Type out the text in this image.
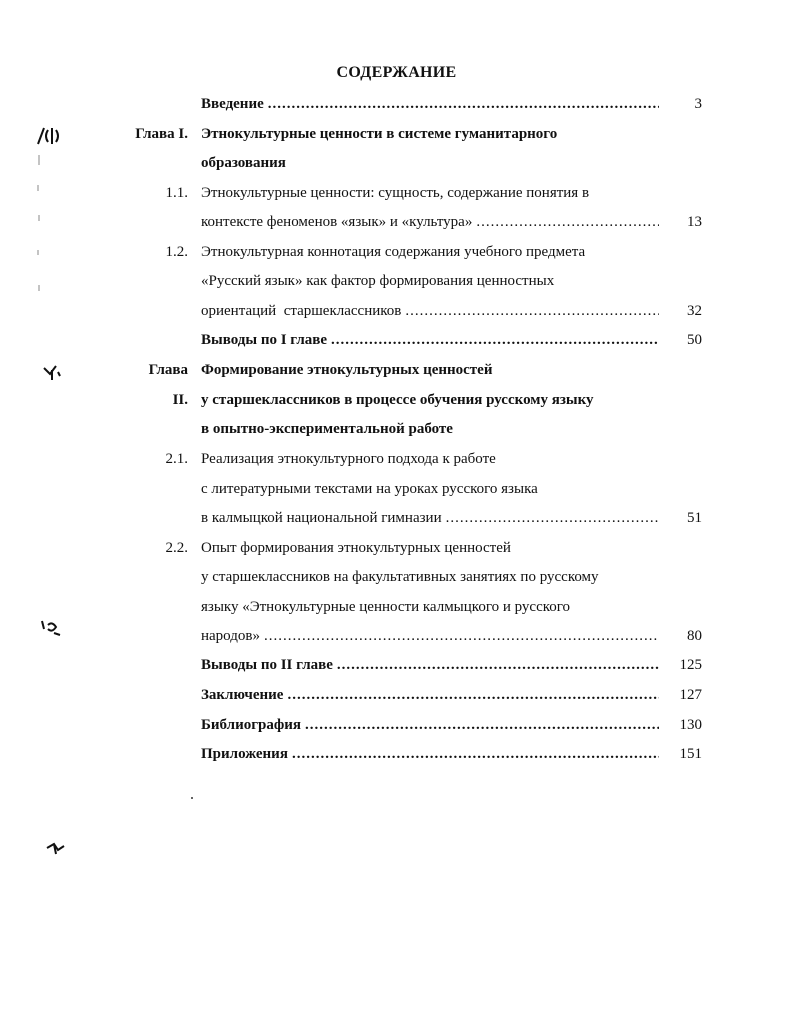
СОДЕРЖАНИЕ
Введение .....	3
Глава I. Этнокультурные ценности в системе гуманитарного
образования
1.1. Этнокультурные ценности: сущность, содержание понятия в
контексте феноменов «язык» и «культура» .....	13
1.2. Этнокультурная коннотация содержания учебного предмета
«Русский язык» как фактор формирования ценностных
ориентаций  старшеклассников .....	32
Выводы по I главе .....	50
Глава
II.
Формирование этнокультурных ценностей
у старшеклассников в процессе обучения русскому языку
в опытно-экспериментальной работе
2.1. Реализация этнокультурного подхода к работе
с литературными текстами на уроках русского языка
в калмыцкой национальной гимназии .....	51
2.2. Опыт формирования этнокультурных ценностей
у старшеклассников на факультативных занятиях по русскому
языку «Этнокультурные ценности калмыцкого и русского
народов» .....	80
Выводы по II главе .....	125
Заключение .....	127
Библиография .....	130
Приложения .....	151
